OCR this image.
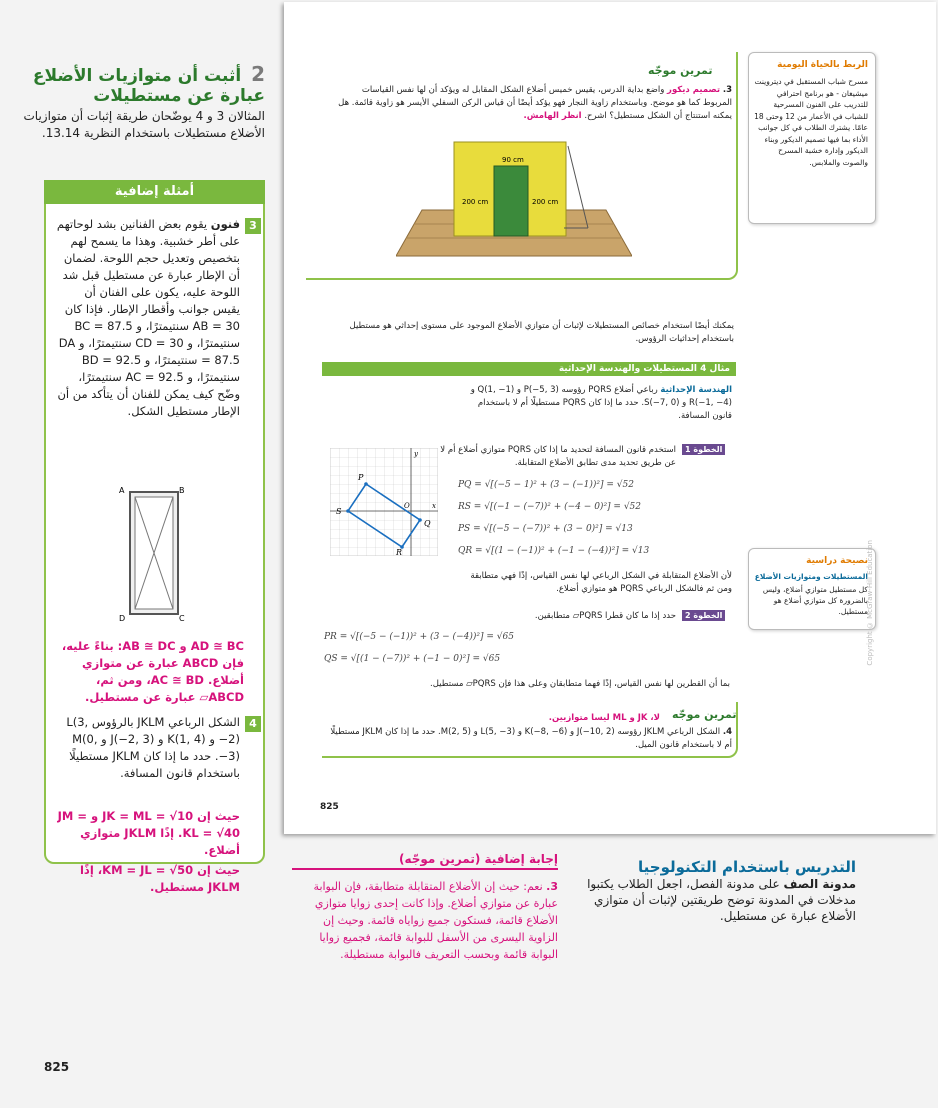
2 أثبت أن متوازيات الأضلاع عبارة عن مستطيلات
المثالان 3 و 4 يوضّحان طريقة إثبات أن متوازيات الأضلاع مستطيلات باستخدام النظرية 13.14.
أمثلة إضافية
3
فنون يقوم بعض الفنانين بشد لوحاتهم على أطر خشبية. وهذا ما يسمح لهم بتخصيص وتعديل حجم اللوحة. لضمان أن الإطار عبارة عن مستطيل قبل شد اللوحة عليه، يكون على الفنان أن يقيس جوانب وأقطار الإطار. فإذا كان AB = 30 سنتيمترًا، و BC = 87.5 سنتيمترًا، و CD = 30 سنتيمترًا، و DA = 87.5 سنتيمترًا، و BD = 92.5 سنتيمترًا، و AC = 92.5 سنتيمترًا، وضّح كيف يمكن للفنان أن يتأكد من أن الإطار مستطيل الشكل.
A	B
C
D
AD ≅ BC و AB ≅ DC: بناءً عليه، فإن ABCD عبارة عن متوازي أضلاع. AC ≅ BD، ومن ثم، ABCD▱ عبارة عن مستطيل.
4
الشكل الرباعي JKLM بالرؤوس L(3, −2) و K(1, 4) و J(−2, 3) و M(0, −3). حدد ما إذا كان JKLM مستطيلًا باستخدام قانون المسافة.
حيث إن JK = ML = √10 و JM = KL = √40. إذًا JKLM متوازي أضلاع.
حيث إن KM = JL = √50، إذًا JKLM مستطيل.
الربط بالحياة اليومية
مسرح شباب المستقبل في ديتروينت ميشيغان - هو برنامج احترافي للتدريب على الفنون المسرحية للشباب في الأعمار من 12 وحتى 18 عامًا. يشترك الطلاب في كل جوانب الأداء بما فيها تصميم الديكور وبناء الديكور وإدارة خشبة المسرح والصوت والملابس.
تمرين موجّه
3. تصميم ديكور واضع بداية الدرس، يقيس خميس أضلاع الشكل المقابل له ويؤكد أن لها نفس القياسات المربوط كما هو موضح. وباستخدام زاوية النجار فهو يؤكد أيضًا أن قياس الركن السفلي الأيسر هو زاوية قائمة. هل يمكنه استنتاج أن الشكل مستطيل؟ اشرح. انظر الهامش.
90 cm
200 cm	200 cm
يمكنك أيضًا استخدام خصائص المستطيلات لإثبات أن متوازي الأضلاع الموجود على مستوى إحداثي هو مستطيل باستخدام إحداثيات الرؤوس.
مثال 4 المستطيلات والهندسة الإحداثية
الهندسة الإحداثية رباعي أضلاع PQRS رؤوسه P(−5, 3) و Q(1, −1) و R(−1, −4) و S(−7, 0). حدد ما إذا كان PQRS مستطيلًا أم لا باستخدام قانون المسافة.
الخطوة 1
استخدم قانون المسافة لتحديد ما إذا كان PQRS متوازي أضلاع أم لا عن طريق تحديد مدى تطابق الأضلاع المتقابلة.
P
Q
R
S
O	x
y
PQ = √[(−5 − 1)² + (3 − (−1))²] = √52
RS = √[(−1 − (−7))² + (−4 − 0)²] = √52
PS = √[(−5 − (−7))² + (3 − 0)²] = √13
QR = √[(1 − (−1))² + (−1 − (−4))²] = √13
لأن الأضلاع المتقابلة في الشكل الرباعي لها نفس القياس، إذًا فهي متطابقة ومن ثم فالشكل الرباعي PQRS هو متوازي أضلاع.
الخطوة 2
حدد إذا ما كان قطرا PQRS▱ متطابقين.
PR = √[(−5 − (−1))² + (3 − (−4))²] = √65
QS = √[(1 − (−7))² + (−1 − 0)²] = √65
بما أن القطرين لها نفس القياس، إذًا فهما متطابقان وعلى هذا فإن PQRS▱ مستطيل.
تمرين موجّه
لا، JK و ML ليسا متوازيين.
4. الشكل الرباعي JKLM رؤوسه J(−10, 2) و K(−8, −6) و L(5, −3) و M(2, 5). حدد ما إذا كان JKLM مستطيلًا أم لا باستخدام قانون الميل.
نصيحة دراسية
المستطيلات ومتوازيات الأضلاع
كل مستطيل متوازي أضلاع، وليس بالضرورة كل متوازي أضلاع هو مستطيل.
Copyright © McGraw-Hill Education
825
التدريس باستخدام التكنولوجيا
مدونة الصف على مدونة الفصل، اجعل الطلاب يكتبوا مدخلات في المدونة توضح طريقتين لإثبات أن متوازي الأضلاع عبارة عن مستطيل.
إجابة إضافية (تمرين موجّه)
3. نعم: حيث إن الأضلاع المتقابلة متطابقة، فإن البوابة عبارة عن متوازي أضلاع. وإذا كانت إحدى زوايا متوازي الأضلاع قائمة، فستكون جميع زواياه قائمة. وحيث إن الزاوية اليسرى من الأسفل للبوابة قائمة، فجميع زوايا البوابة قائمة وبحسب التعريف فالبوابة مستطيلة.
825
